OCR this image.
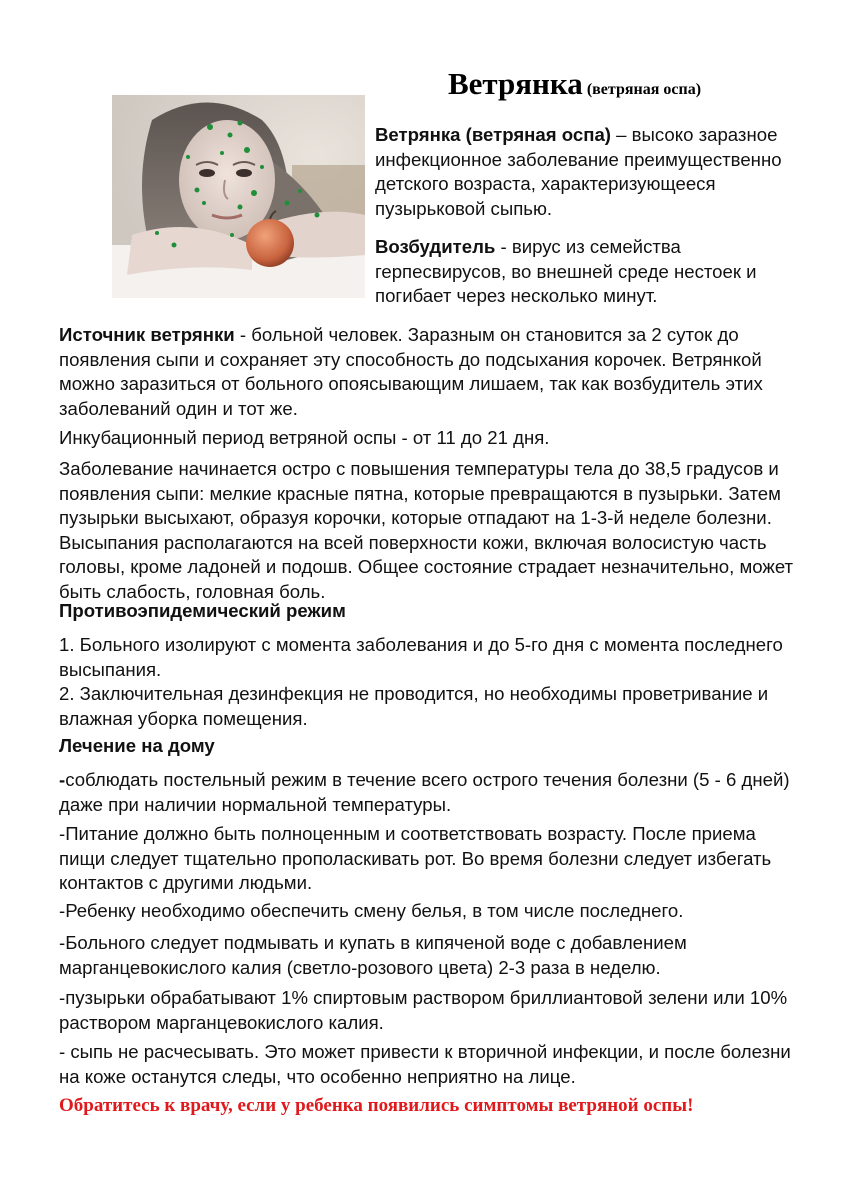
Ветрянка (ветряная оспа)

Ветрянка (ветряная оспа) – высоко заразное инфекционное заболевание преимущественно детского возраста, характеризующееся пузырьковой сыпью.

Возбудитель - вирус из семейства герпесвирусов, во внешней среде нестоек и погибает через несколько минут.

Источник ветрянки - больной человек. Заразным он становится за 2 суток до появления сыпи и сохраняет эту способность до подсыхания корочек. Ветрянкой можно заразиться от больного опоясывающим лишаем, так как возбудитель этих заболеваний один и тот же.

Инкубационный период ветряной оспы - от 11 до 21 дня.

Заболевание начинается остро с повышения температуры тела до 38,5 градусов и появления сыпи: мелкие красные пятна, которые превращаются в пузырьки. Затем пузырьки высыхают, образуя корочки, которые отпадают на 1-3-й неделе болезни. Высыпания располагаются на всей поверхности кожи, включая волосистую часть головы, кроме ладоней и подошв. Общее состояние страдает незначительно, может быть слабость, головная боль.

Противоэпидемический режим

1. Больного изолируют с момента заболевания и до 5-го дня с момента последнего высыпания.

2. Заключительная дезинфекция не проводится, но необходимы проветривание и влажная уборка помещения.

Лечение на дому

-соблюдать постельный режим в течение всего острого течения болезни (5 - 6 дней) даже при наличии нормальной температуры.

-Питание должно быть полноценным и соответствовать возрасту. После приема пищи следует тщательно прополаскивать рот. Во время болезни следует избегать контактов с другими людьми.

-Ребенку необходимо обеспечить смену белья, в том числе последнего.

-Больного следует подмывать и купать в кипяченой воде с добавлением марганцевокислого калия (светло-розового цвета) 2-3 раза в неделю.

-пузырьки обрабатывают 1% спиртовым раствором бриллиантовой зелени или 10% раствором марганцевокислого калия.

- сыпь не расчесывать. Это может привести к вторичной инфекции, и после болезни на коже останутся следы, что особенно неприятно на лице.

Обратитесь к врачу, если у ребенка появились симптомы ветряной оспы!
